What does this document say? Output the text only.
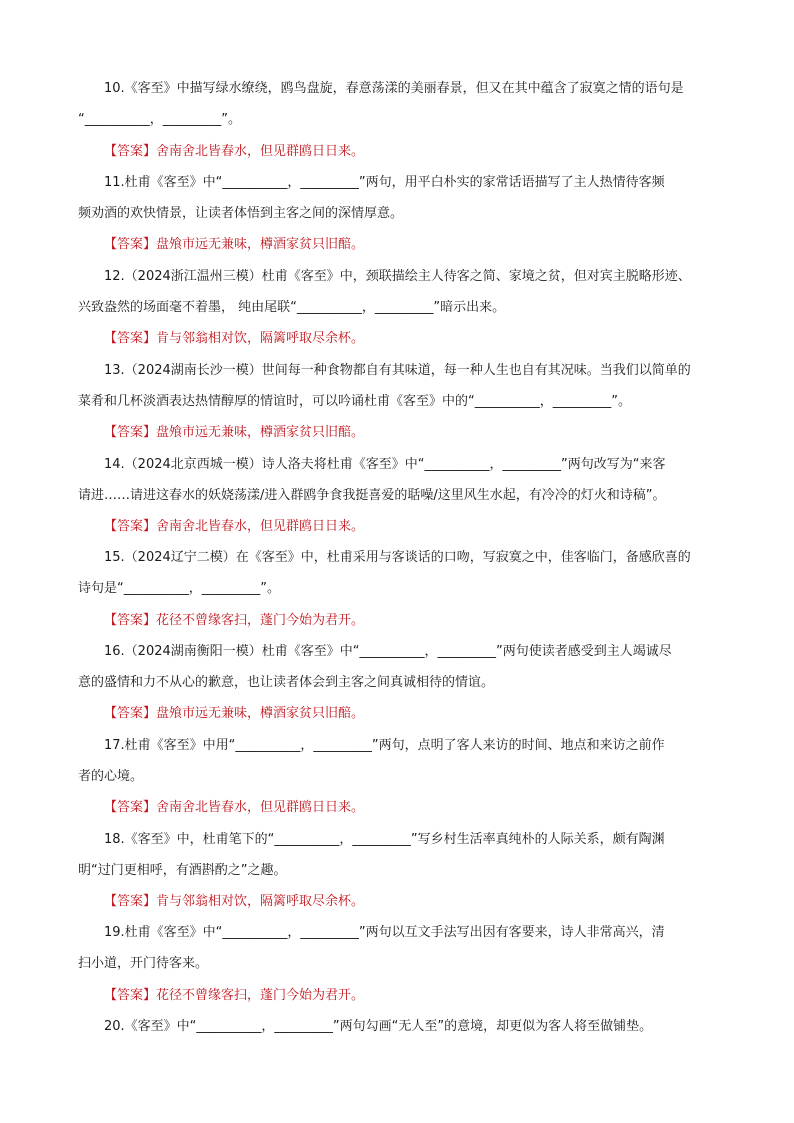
10.《客至》中描写绿水缭绕，鸥鸟盘旋，春意荡漾的美丽春景，但又在其中蕴含了寂寞之情的语句是
“__________，_________”。
【答案】舍南舍北皆春水，但见群鸥日日来。
11.杜甫《客至》中“__________，_________”两句，用平白朴实的家常话语描写了主人热情待客频
频劝酒的欢快情景，让读者体悟到主客之间的深情厚意。
【答案】盘飧市远无兼味，樽酒家贫只旧醅。
12.（2024浙江温州三模）杜甫《客至》中，颈联描绘主人待客之简、家境之贫，但对宾主脱略形迹、
兴致盎然的场面毫不着墨， 纯由尾联“__________，_________”暗示出来。
【答案】肯与邻翁相对饮，隔篱呼取尽余杯。
13.（2024湖南长沙一模）世间每一种食物都自有其味道，每一种人生也自有其况味。当我们以简单的
菜肴和几杯淡酒表达热情醇厚的情谊时，可以吟诵杜甫《客至》中的“__________，_________”。
【答案】盘飧市远无兼味，樽酒家贫只旧醅。
14.（2024北京西城一模）诗人洛夫将杜甫《客至》中“__________，_________”两句改写为“来客
请进……请进这春水的妖娆荡漾/进入群鸥争食我挺喜爱的聒噪/这里风生水起，有冷冷的灯火和诗稿”。
【答案】舍南舍北皆春水，但见群鸥日日来。
15.（2024辽宁二模）在《客至》中，杜甫采用与客谈话的口吻，写寂寞之中，佳客临门，备感欣喜的
诗句是“__________，_________”。
【答案】花径不曾缘客扫，蓬门今始为君开。
16.（2024湖南衡阳一模）杜甫《客至》中“__________，_________”两句使读者感受到主人竭诚尽
意的盛情和力不从心的歉意，也让读者体会到主客之间真诚相待的情谊。
【答案】盘飧市远无兼味，樽酒家贫只旧醅。
17.杜甫《客至》中用“__________，_________”两句，点明了客人来访的时间、地点和来访之前作
者的心境。
【答案】舍南舍北皆春水，但见群鸥日日来。
18.《客至》中，杜甫笔下的“__________，_________”写乡村生活率真纯朴的人际关系，颇有陶渊
明“过门更相呼，有酒斟酌之”之趣。
【答案】肯与邻翁相对饮，隔篱呼取尽余杯。
19.杜甫《客至》中“__________，_________”两句以互文手法写出因有客要来，诗人非常高兴，清
扫小道，开门待客来。
【答案】花径不曾缘客扫，蓬门今始为君开。
20.《客至》中“__________，_________”两句勾画“无人至”的意境，却更似为客人将至做铺垫。
